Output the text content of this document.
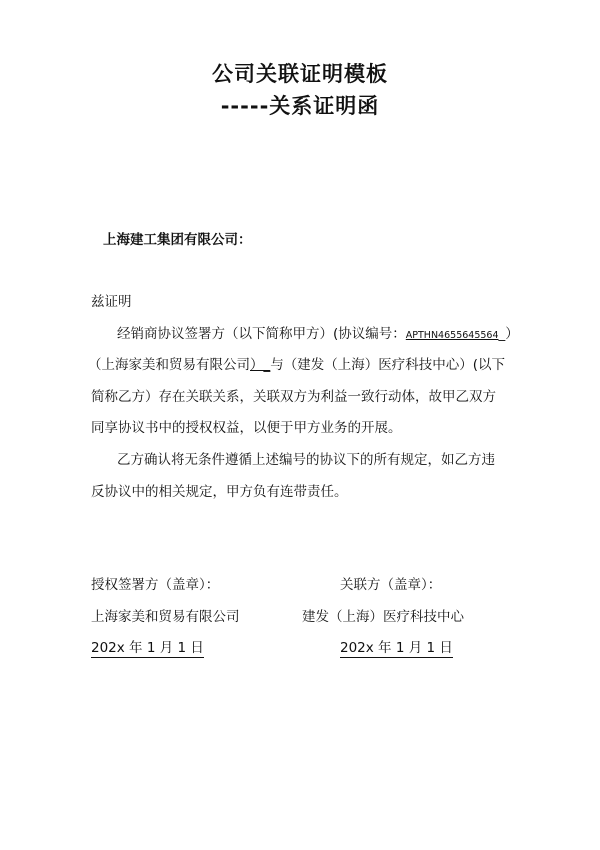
公司关联证明模板
-----关系证明函
上海建工集团有限公司：
兹证明
经销商协议签署方（以下简称甲方）(协议编号：APTHN4655645564_）
（上海家美和贸易有限公司）_与（建发（上海）医疗科技中心）(以下
简称乙方）存在关联关系，关联双方为利益一致行动体，故甲乙双方
同享协议书中的授权权益，以便于甲方业务的开展。
乙方确认将无条件遵循上述编号的协议下的所有规定，如乙方违
反协议中的相关规定，甲方负有连带责任。
授权签署方（盖章）：
上海家美和贸易有限公司
202x 年 1 月 1 日
关联方（盖章）：
建发（上海）医疗科技中心
202x 年 1 月 1 日
